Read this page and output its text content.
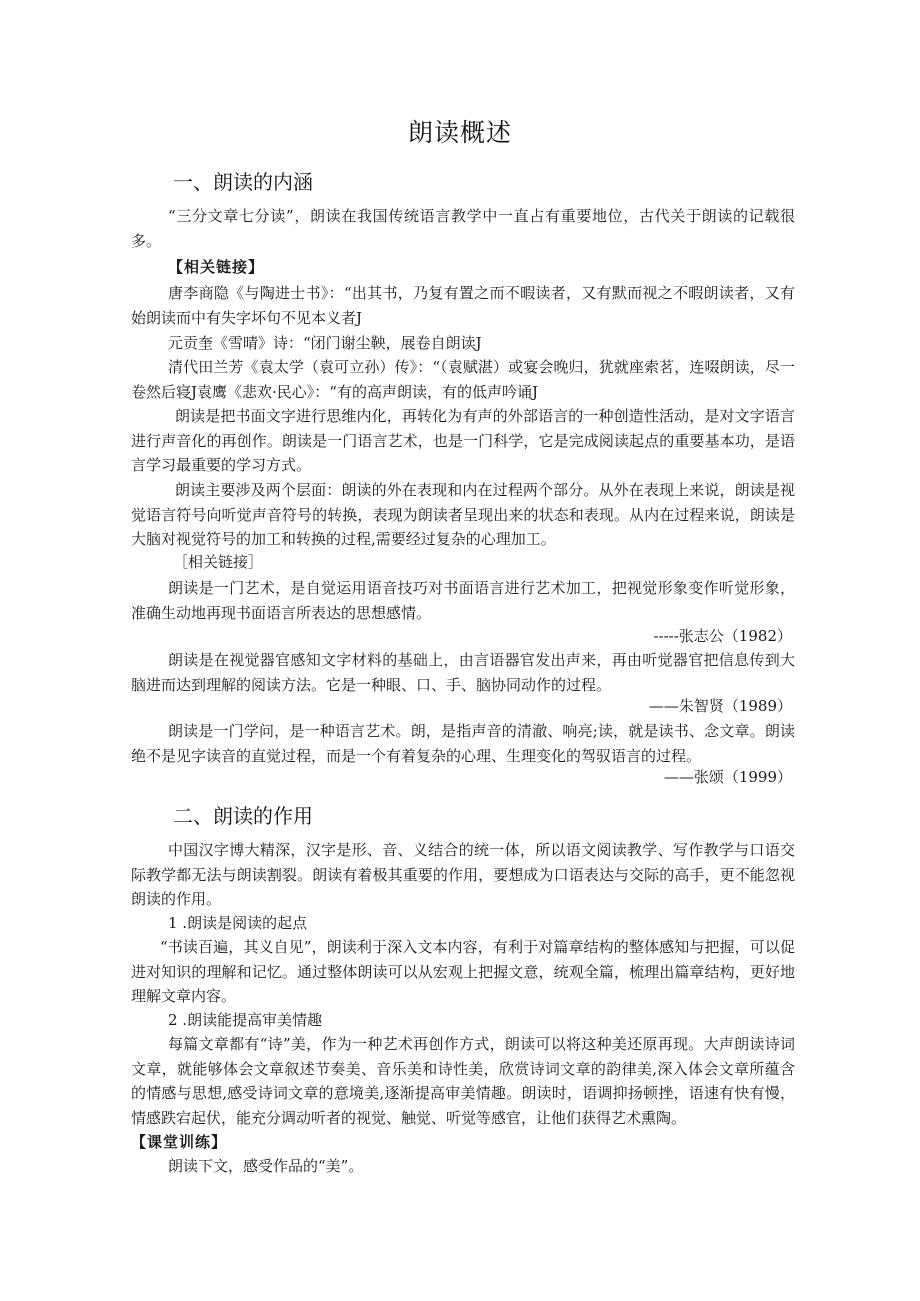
朗读概述
一、朗读的内涵
“三分文章七分读”，朗读在我国传统语言教学中一直占有重要地位，古代关于朗读的记载很多。
【相关链接】
唐李商隐《与陶进士书》：“出其书，乃复有置之而不暇读者，又有默而视之不暇朗读者，又有始朗读而中有失字坏句不见本义者J
元贡奎《雪晴》诗：“闭门谢尘鞅，展卷自朗读J
清代田兰芳《袁太学（袁可立孙）传》：“（袁赋湛）或宴会晚归，犹就座索茗，连啜朗读，尽一卷然后寝J袁鹰《悲欢·民心》：“有的高声朗读，有的低声吟诵J
朗读是把书面文字进行思维内化，再转化为有声的外部语言的一种创造性活动，是对文字语言进行声音化的再创作。朗读是一门语言艺术，也是一门科学，它是完成阅读起点的重要基本功，是语言学习最重要的学习方式。
朗读主要涉及两个层面：朗读的外在表现和内在过程两个部分。从外在表现上来说，朗读是视觉语言符号向听觉声音符号的转换，表现为朗读者呈现出来的状态和表现。从内在过程来说，朗读是大脑对视觉符号的加工和转换的过程,需要经过复杂的心理加工。
［相关链接］
朗读是一门艺术，是自觉运用语音技巧对书面语言进行艺术加工，把视觉形象变作听觉形象，准确生动地再现书面语言所表达的思想感情。
-----张志公（1982）
朗读是在视觉器官感知文字材料的基础上，由言语器官发出声来，再由听觉器官把信息传到大脑进而达到理解的阅读方法。它是一种眼、口、手、脑协同动作的过程。
——朱智贤（1989）
朗读是一门学问，是一种语言艺术。朗，是指声音的清澈、响亮;读，就是读书、念文章。朗读绝不是见字读音的直觉过程，而是一个有着复杂的心理、生理变化的驾驭语言的过程。
——张颂（1999）
二、朗读的作用
中国汉字博大精深，汉字是形、音、义结合的统一体，所以语文阅读教学、写作教学与口语交际教学都无法与朗读割裂。朗读有着极其重要的作用，要想成为口语表达与交际的高手，更不能忽视朗读的作用。
1 .朗读是阅读的起点
“书读百遍，其义自见”，朗读利于深入文本内容，有利于对篇章结构的整体感知与把握，可以促进对知识的理解和记忆。通过整体朗读可以从宏观上把握文意，统观全篇，梳理出篇章结构，更好地理解文章内容。
2 .朗读能提高审美情趣
每篇文章都有“诗”美，作为一种艺术再创作方式，朗读可以将这种美还原再现。大声朗读诗词文章，就能够体会文章叙述节奏美、音乐美和诗性美，欣赏诗词文章的韵律美,深入体会文章所蕴含的情感与思想,感受诗词文章的意境美,逐渐提高审美情趣。朗读时，语调抑扬顿挫，语速有快有慢，情感跌宕起伏，能充分调动听者的视觉、触觉、听觉等感官，让他们获得艺术熏陶。
【课堂训练】
朗读下文，感受作品的“美”。
